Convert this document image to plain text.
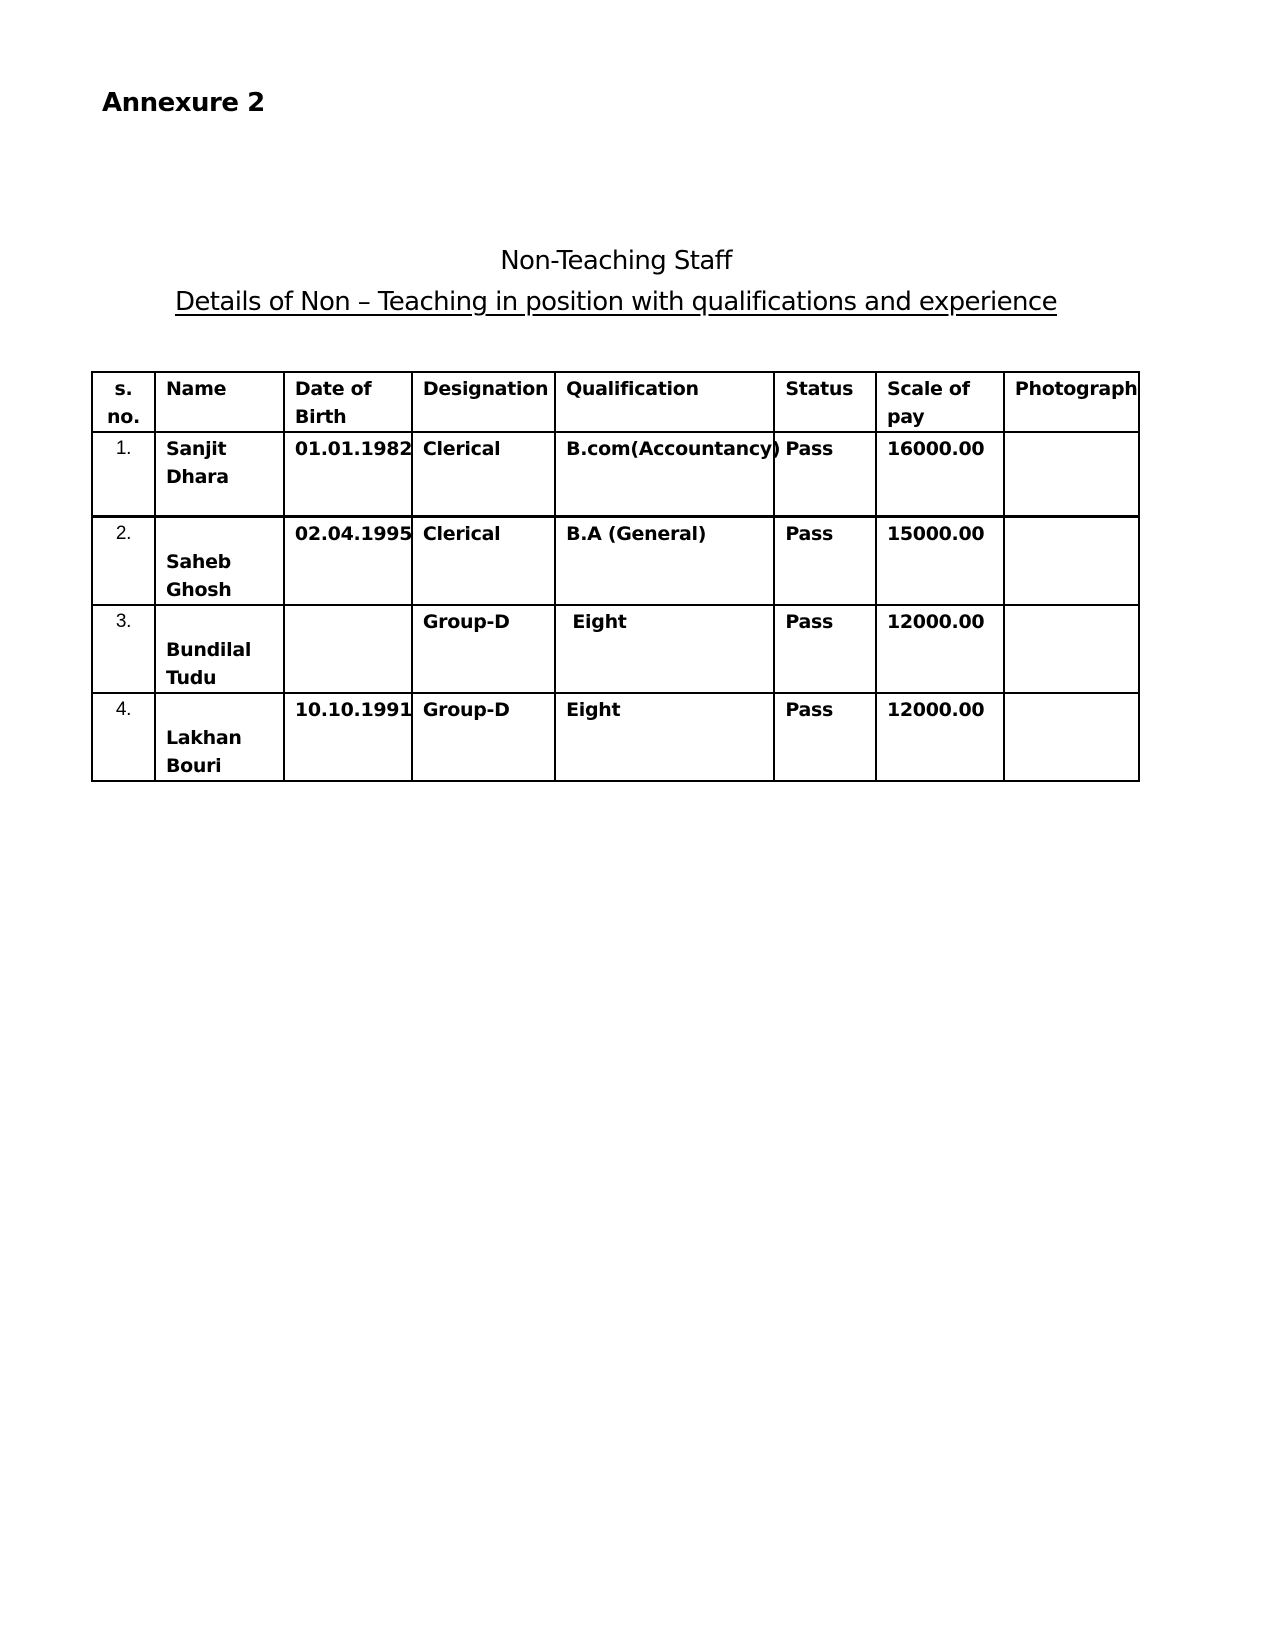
Annexure 2
Non-Teaching Staff
Details of Non – Teaching in position with qualifications and experience
s. no.	Name	Date of Birth	Designation	Qualification	Status	Scale of pay	Photograph
1.	Sanjit Dhara	01.01.1982	Clerical	B.com(Accountancy)	Pass	16000.00	
2.	Saheb Ghosh	02.04.1995	Clerical	B.A (General)	Pass	15000.00	
3.	Bundilal Tudu		Group-D	Eight	Pass	12000.00	
4.	Lakhan Bouri	10.10.1991	Group-D	Eight	Pass	12000.00	
